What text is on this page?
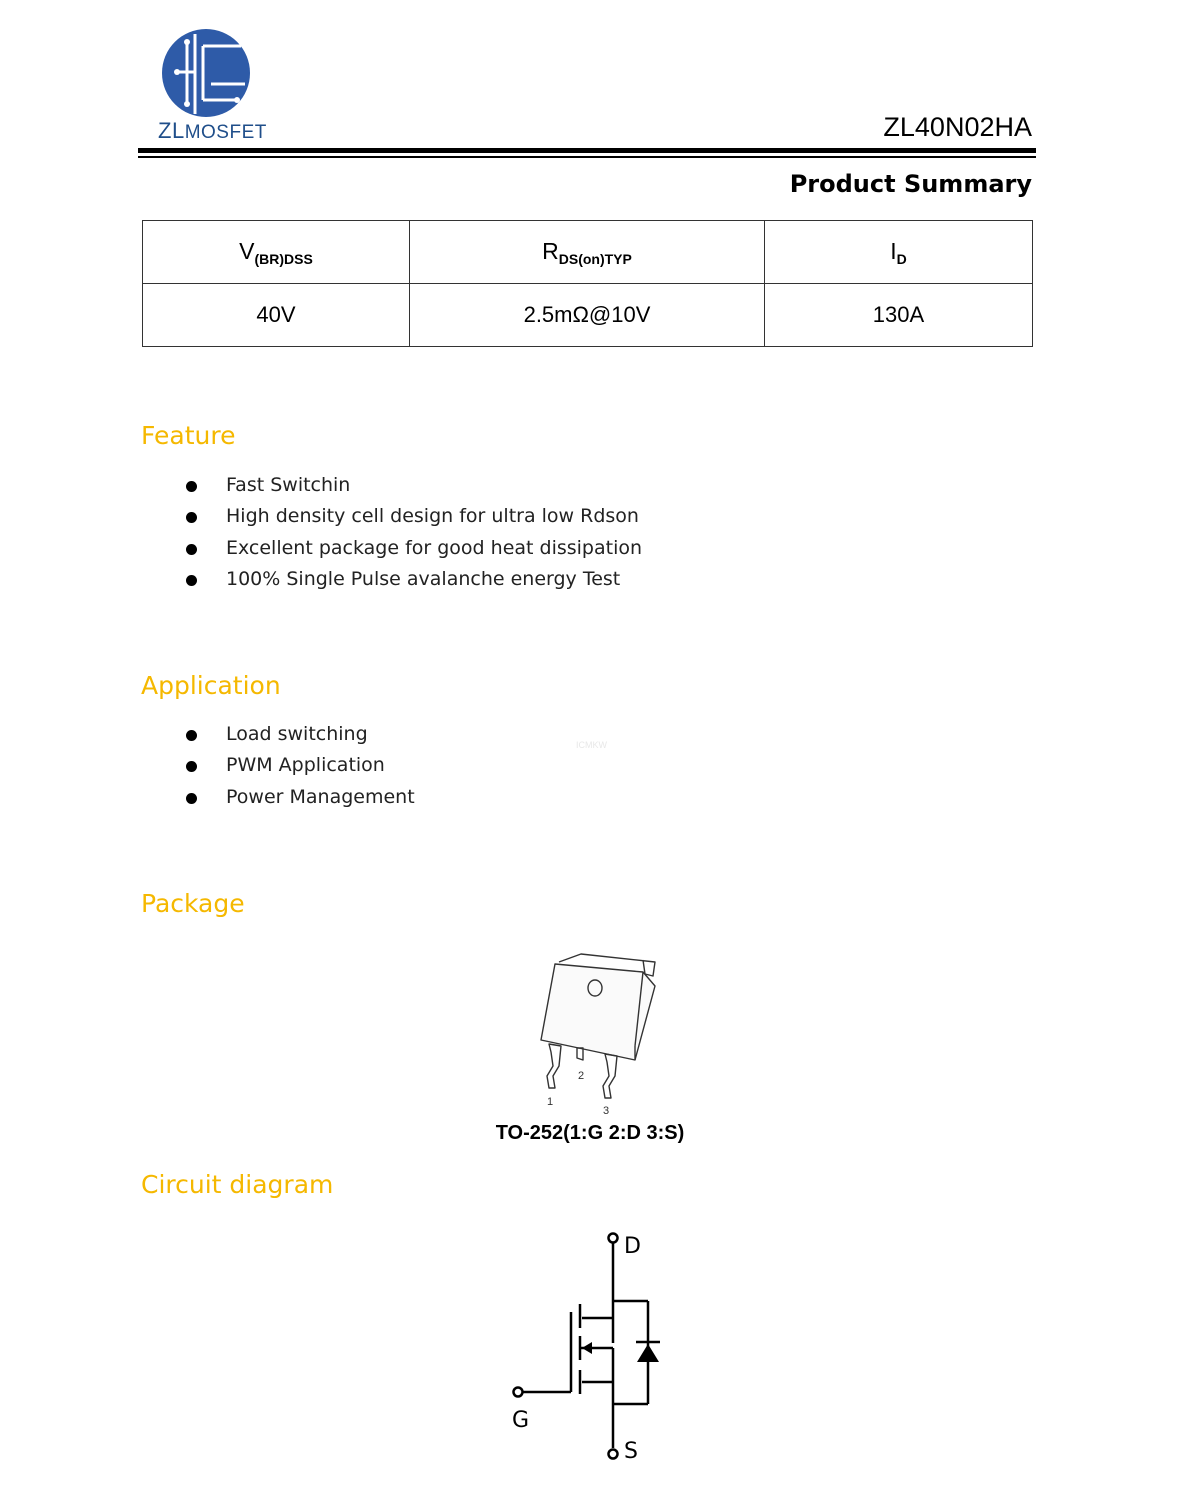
ZLMOSFET	ZL40N02HA
Product Summary
$V_{(BR)DSS}$	$R_{DS(on)TYP}$	$I_D$
40V	2.5mΩ@10V	130A
Feature
Fast Switchin
High density cell design for ultra low Rdson
Excellent package for good heat dissipation
100% Single Pulse avalanche energy Test
Application
Load switching
PWM Application
Power Management
ICMKW
Package
1
2
3
TO-252(1:G 2:D 3:S)
Circuit diagram
D
G
S
